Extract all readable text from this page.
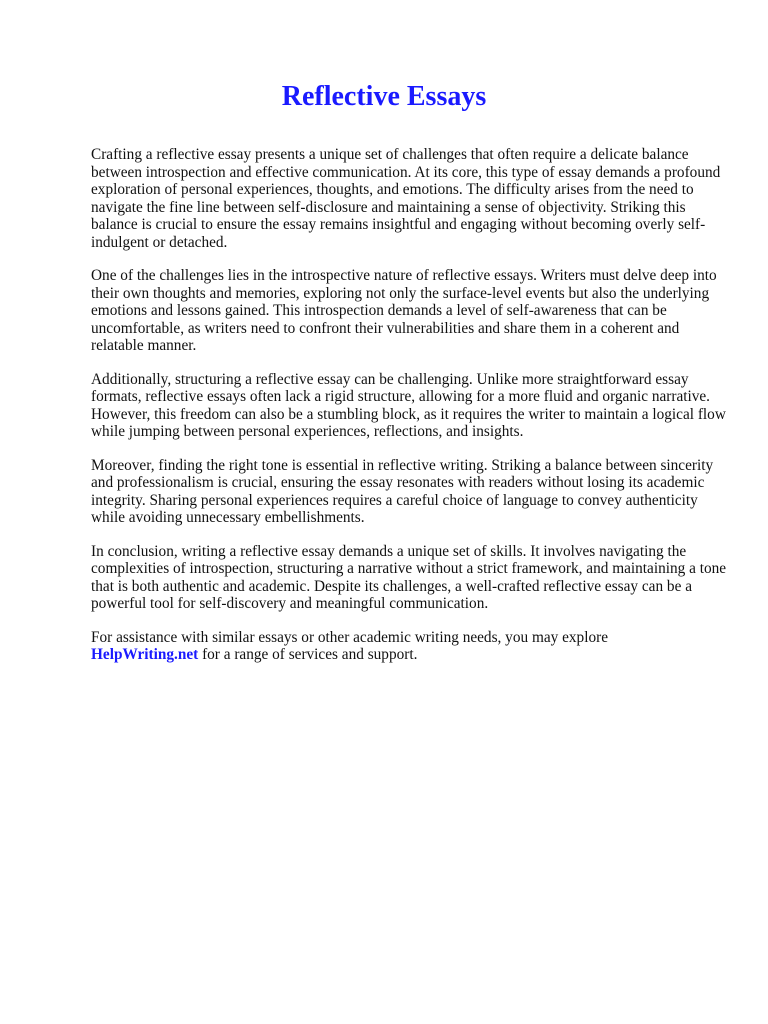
Reflective Essays

Crafting a reflective essay presents a unique set of challenges that often require a delicate balance between introspection and effective communication. At its core, this type of essay demands a profound exploration of personal experiences, thoughts, and emotions. The difficulty arises from the need to navigate the fine line between self-disclosure and maintaining a sense of objectivity. Striking this balance is crucial to ensure the essay remains insightful and engaging without becoming overly self-indulgent or detached.

One of the challenges lies in the introspective nature of reflective essays. Writers must delve deep into their own thoughts and memories, exploring not only the surface-level events but also the underlying emotions and lessons gained. This introspection demands a level of self-awareness that can be uncomfortable, as writers need to confront their vulnerabilities and share them in a coherent and relatable manner.

Additionally, structuring a reflective essay can be challenging. Unlike more straightforward essay formats, reflective essays often lack a rigid structure, allowing for a more fluid and organic narrative. However, this freedom can also be a stumbling block, as it requires the writer to maintain a logical flow while jumping between personal experiences, reflections, and insights.

Moreover, finding the right tone is essential in reflective writing. Striking a balance between sincerity and professionalism is crucial, ensuring the essay resonates with readers without losing its academic integrity. Sharing personal experiences requires a careful choice of language to convey authenticity while avoiding unnecessary embellishments.

In conclusion, writing a reflective essay demands a unique set of skills. It involves navigating the complexities of introspection, structuring a narrative without a strict framework, and maintaining a tone that is both authentic and academic. Despite its challenges, a well-crafted reflective essay can be a powerful tool for self-discovery and meaningful communication.

For assistance with similar essays or other academic writing needs, you may explore
HelpWriting.net for a range of services and support.
